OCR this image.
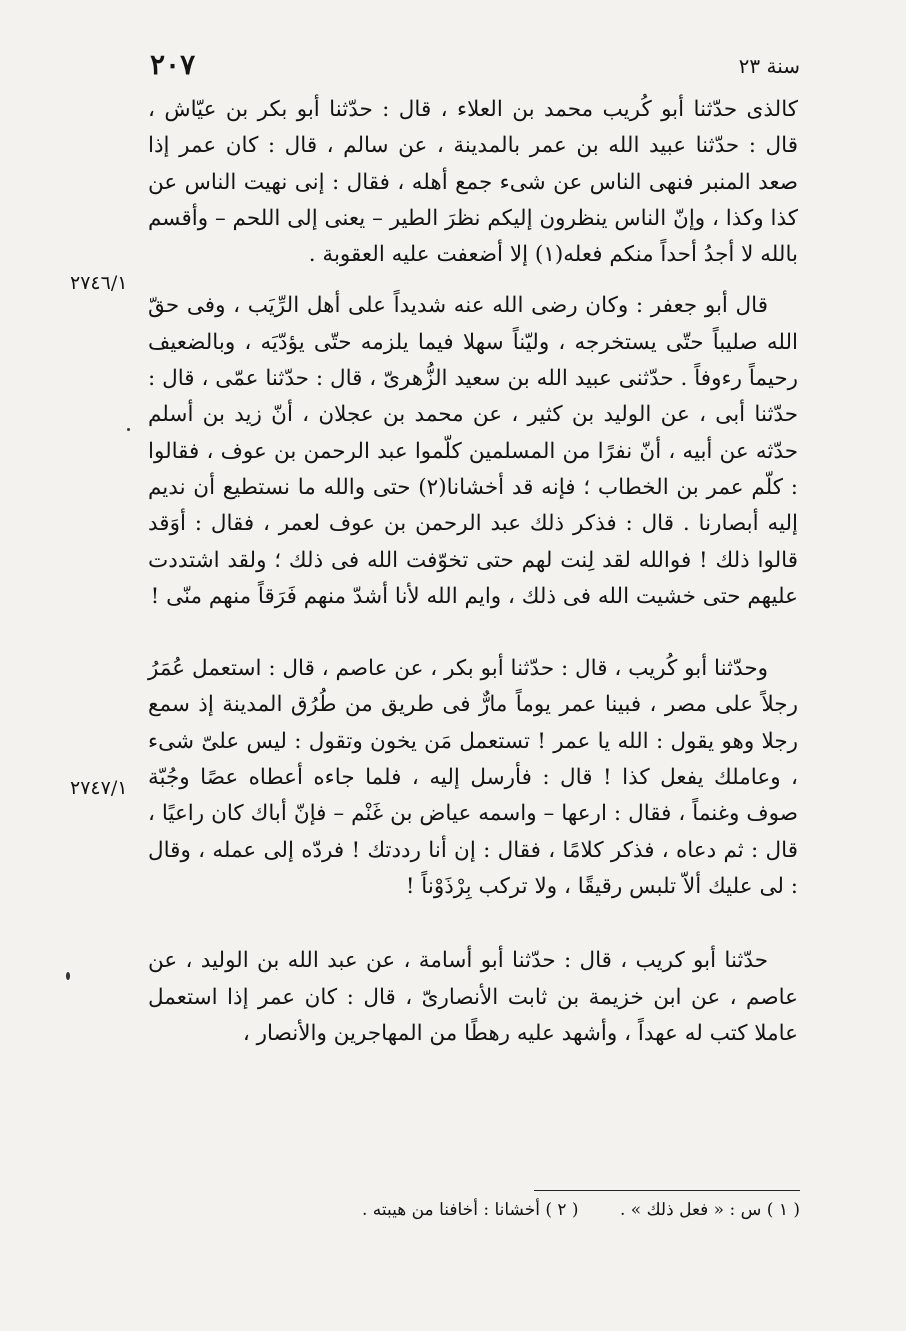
٢٠٧	سنة ٢٣
٢٧٤٦/١
٢٧٤٧/١

كالذى حدّثنا أبو كُريب محمد بن العلاء ، قال : حدّثنا أبو بكر بن عيّاش ، قال : حدّثنا عبيد الله بن عمر بالمدينة ، عن سالم ، قال : كان عمر إذا صعد المنبر فنهى الناس عن شىء جمع أهله ، فقال : إنى نهيت الناس عن كذا وكذا ، وإنّ الناس ينظرون إليكم نظرَ الطير – يعنى إلى اللحم – وأقسم بالله لا أجدُ أحداً منكم فعله(١) إلا أضعفت عليه العقوبة .

قال أبو جعفر : وكان رضى الله عنه شديداً على أهل الرِّيَب ، وفى حقّ الله صليباً حتّى يستخرجه ، وليّناً سهلا فيما يلزمه حتّى يؤدّيَه ، وبالضعيف رحيماً رءوفاً . حدّثنى عبيد الله بن سعيد الزُّهرىّ ، قال : حدّثنا عمّى ، قال : حدّثنا أبى ، عن الوليد بن كثير ، عن محمد بن عجلان ، أنّ زيد بن أسلم حدّثه عن أبيه ، أنّ نفرًا من المسلمين كلّموا عبد الرحمن بن عوف ، فقالوا : كلّم عمر بن الخطاب ؛ فإنه قد أخشانا(٢) حتى والله ما نستطيع أن نديم إليه أبصارنا . قال : فذكر ذلك عبد الرحمن بن عوف لعمر ، فقال : أوَقد قالوا ذلك ! فوالله لقد لِنت لهم حتى تخوّفت الله فى ذلك ؛ ولقد اشتددت عليهم حتى خشيت الله فى ذلك ، وايم الله لأنا أشدّ منهم فَرَقاً منهم منّى !

وحدّثنا أبو كُريب ، قال : حدّثنا أبو بكر ، عن عاصم ، قال : استعمل عُمَرُ رجلاً على مصر ، فبينا عمر يوماً مارٌّ فى طريق من طُرُق المدينة إذ سمع رجلا وهو يقول : الله يا عمر ! تستعمل مَن يخون وتقول : ليس علىّ شىء ، وعاملك يفعل كذا ! قال : فأرسل إليه ، فلما جاءه أعطاه عصًا وجُبّة صوف وغنماً ، فقال : ارعها – واسمه عياض بن غَنْم – فإنّ أباك كان راعيًا ، قال : ثم دعاه ، فذكر كلامًا ، فقال : إن أنا رددتك ! فردّه إلى عمله ، وقال : لى عليك ألاّ تلبس رقيقًا ، ولا تركب بِرْذَوْناً !

حدّثنا أبو كريب ، قال : حدّثنا أبو أسامة ، عن عبد الله بن الوليد ، عن عاصم ، عن ابن خزيمة بن ثابت الأنصارىّ ، قال : كان عمر إذا استعمل عاملا كتب له عهداً ، وأشهد عليه رهطًا من المهاجرين والأنصار ،

( ١ ) س : « فعل ذلك » . ( ٢ ) أخشانا : أخافنا من هيبته .
